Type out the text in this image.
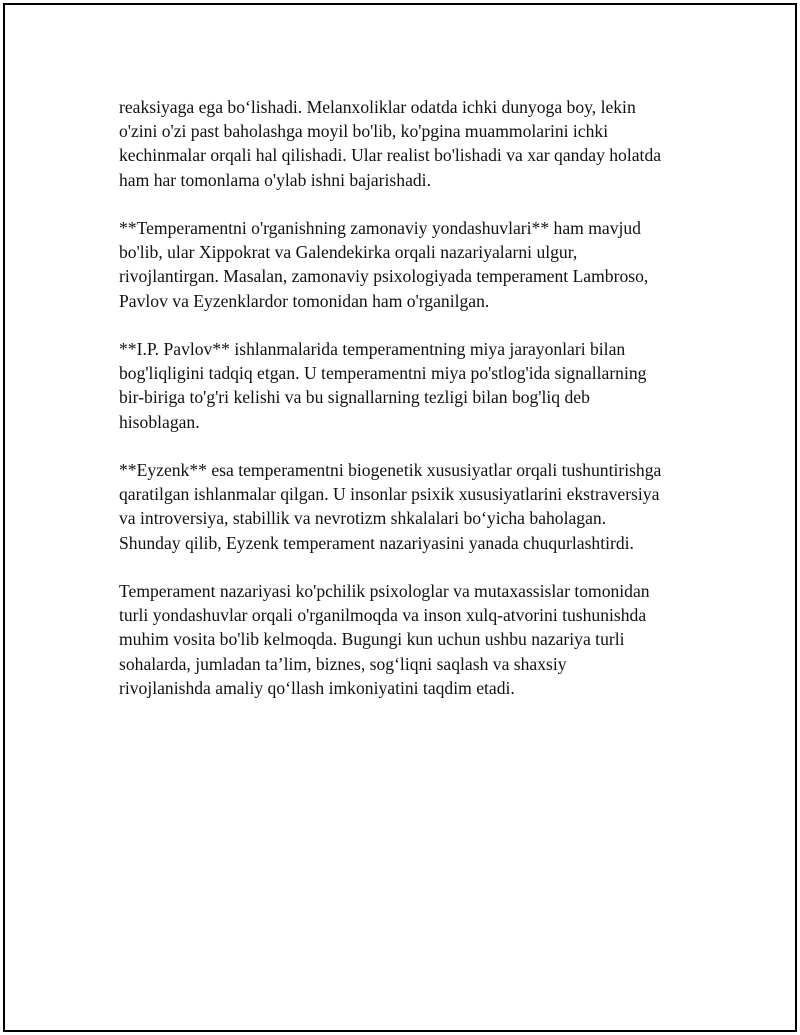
reaksiyaga ega bo‘lishadi. Melanxoliklar odatda ichki dunyoga boy, lekin
o'zini o'zi past baholashga moyil bo'lib, ko'pgina muammolarini ichki
kechinmalar orqali hal qilishadi. Ular realist bo'lishadi va xar qanday holatda
ham har tomonlama o'ylab ishni bajarishadi.

**Temperamentni o'rganishning zamonaviy yondashuvlari** ham mavjud
bo'lib, ular Xippokrat va Galendekirka orqali nazariyalarni ulgur,
rivojlantirgan. Masalan, zamonaviy psixologiyada temperament Lambroso,
Pavlov va Eyzenklardor tomonidan ham o'rganilgan.

**I.P. Pavlov** ishlanmalarida temperamentning miya jarayonlari bilan
bog'liqligini tadqiq etgan. U temperamentni miya po'stlog'ida signallarning
bir-biriga to'g'ri kelishi va bu signallarning tezligi bilan bog'liq deb
hisoblagan.

**Eyzenk** esa temperamentni biogenetik xususiyatlar orqali tushuntirishga
qaratilgan ishlanmalar qilgan. U insonlar psixik xususiyatlarini ekstraversiya
va introversiya, stabillik va nevrotizm shkalalari bo‘yicha baholagan.
Shunday qilib, Eyzenk temperament nazariyasini yanada chuqurlashtirdi.

Temperament nazariyasi ko'pchilik psixologlar va mutaxassislar tomonidan
turli yondashuvlar orqali o'rganilmoqda va inson xulq-atvorini tushunishda
muhim vosita bo'lib kelmoqda. Bugungi kun uchun ushbu nazariya turli
sohalarda, jumladan ta’lim, biznes, sog‘liqni saqlash va shaxsiy
rivojlanishda amaliy qo‘llash imkoniyatini taqdim etadi.
